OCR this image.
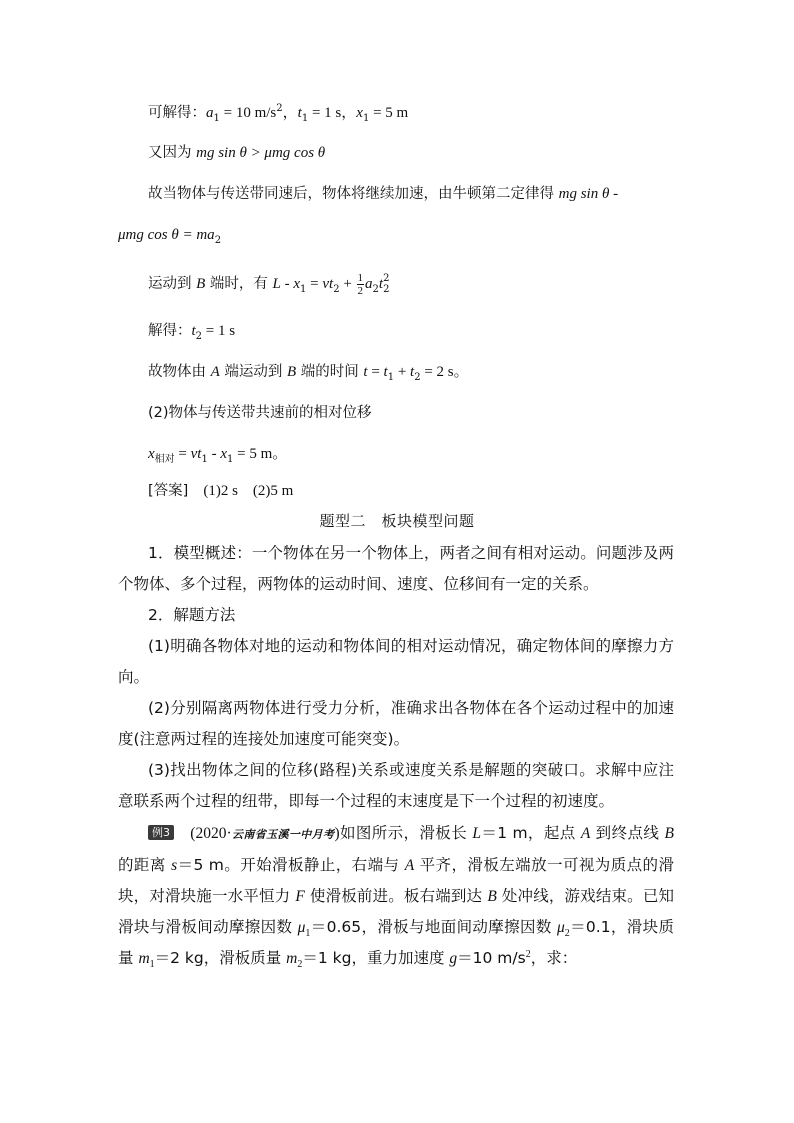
可解得：$a_1 = 10$ $m/s^2$，$t_1 = 1$ s，$x_1 = 5$ m
又因为 mg sin θ > μmg cos θ
故当物体与传送带同速后，物体将继续加速，由牛顿第二定律得 mg sin θ -
μmg $\cos \theta = ma_2$
运动到 B 端时，有 $L - x_1 = vt_2 + \frac{1}{2} a_2t$ 2
2
解得：$t_2 = 1$ s
故物体由 A 端运动到 B 端的时间 $t = t_1 + t_2 = 2$ s。
(2)物体与传送带共速前的相对位移
$x_{相对} = vt_1 - x_1 = 5$ m。
[答案]　(1)2 s　(2)5 m
题型二　板块模型问题
1．模型概述：一个物体在另一个物体上，两者之间有相对运动。问题涉及两个物体、多个过程，两物体的运动时间、速度、位移间有一定的关系。
2．解题方法
(1)明确各物体对地的运动和物体间的相对运动情况，确定物体间的摩擦力方向。
(2)分别隔离两物体进行受力分析，准确求出各物体在各个运动过程中的加速度(注意两过程的连接处加速度可能突变)。
(3)找出物体之间的位移(路程)关系或速度关系是解题的突破口。求解中应注意联系两个过程的纽带，即每一个过程的末速度是下一个过程的初速度。
例3　 (2020·云南省玉溪一中月考)如图所示，滑板长 L＝1 m，起点 A 到终点线 B 的距离 s＝5 m。开始滑板静止，右端与 A 平齐，滑板左端放一可视为质点的滑块，对滑块施一水平恒力 F 使滑板前进。板右端到达 B 处冲线，游戏结束。已知滑块与滑板间动摩擦因数 $\mu_1=0.65$，滑板与地面间动摩擦因数 $\mu_2=0.1$，滑块质量 $m_1=2$ kg，滑板质量 $m_2=1$ kg，重力加速度 g＝10 $m/s^2$，求：
